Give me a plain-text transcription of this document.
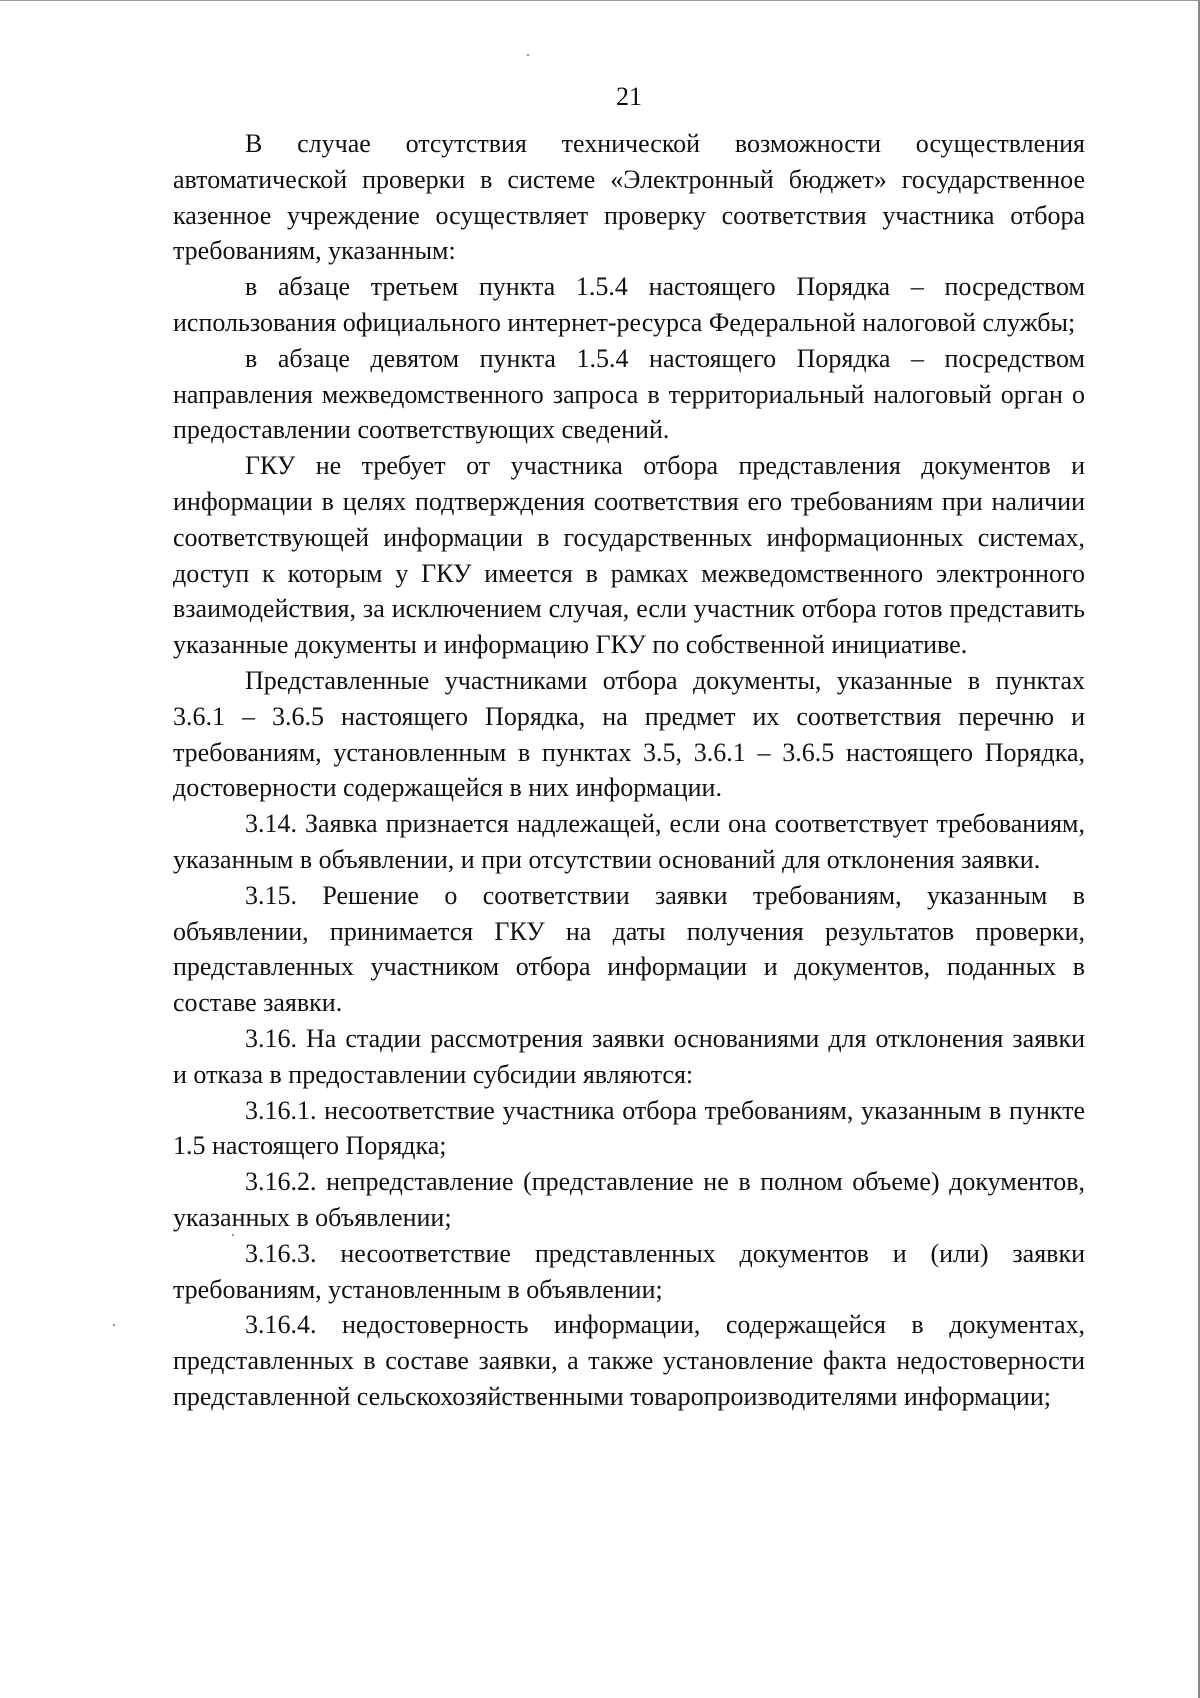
21

В случае отсутствия технической возможности осуществления автоматической проверки в системе «Электронный бюджет» государственное казенное учреждение осуществляет проверку соответствия участника отбора требованиям, указанным:

в абзаце третьем пункта 1.5.4 настоящего Порядка – посредством использования официального интернет-ресурса Федеральной налоговой службы;

в абзаце девятом пункта 1.5.4 настоящего Порядка – посредством направления межведомственного запроса в территориальный налоговый орган о предоставлении соответствующих сведений.

ГКУ не требует от участника отбора представления документов и информации в целях подтверждения соответствия его требованиям при наличии соответствующей информации в государственных информационных системах, доступ к которым у ГКУ имеется в рамках межведомственного электронного взаимодействия, за исключением случая, если участник отбора готов представить указанные документы и информацию ГКУ по собственной инициативе.

Представленные участниками отбора документы, указанные в пунктах 3.6.1 – 3.6.5 настоящего Порядка, на предмет их соответствия перечню и требованиям, установленным в пунктах 3.5, 3.6.1 – 3.6.5 настоящего Порядка, достоверности содержащейся в них информации.

3.14. Заявка признается надлежащей, если она соответствует требованиям, указанным в объявлении, и при отсутствии оснований для отклонения заявки.

3.15. Решение о соответствии заявки требованиям, указанным в объявлении, принимается ГКУ на даты получения результатов проверки, представленных участником отбора информации и документов, поданных в составе заявки.

3.16. На стадии рассмотрения заявки основаниями для отклонения заявки и отказа в предоставлении субсидии являются:

3.16.1. несоответствие участника отбора требованиям, указанным в пункте 1.5 настоящего Порядка;

3.16.2. непредставление (представление не в полном объеме) документов, указанных в объявлении;

3.16.3. несоответствие представленных документов и (или) заявки требованиям, установленным в объявлении;

3.16.4. недостоверность информации, содержащейся в документах, представленных в составе заявки, а также установление факта недостоверности представленной сельскохозяйственными товаропроизводителями информации;
